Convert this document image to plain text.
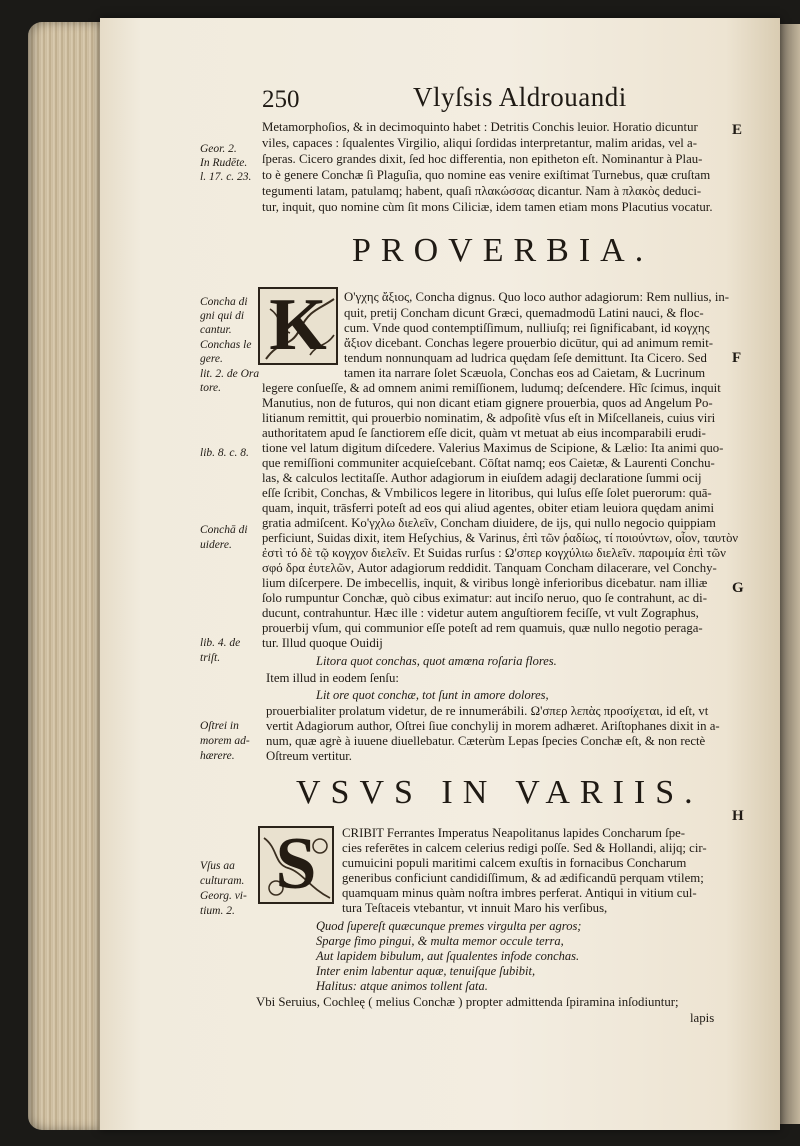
250	Vlyſsis Aldrouandi
E
F
G
H
Geor. 2.
In Rudēte.
l. 17. c. 23.
Concha di
gni qui di
cantur.
Conchas le
gere.
lit. 2. de Ora
tore.
lib. 8. c. 8.
Conchā di
uidere.
lib. 4. de
triſt.
Oſtrei in
morem ad-
hærere.
Vſus aa
culturam.
Georg. vi-
tium. 2.
Metamorphoſios, & in decimoquinto habet : Detritis Conchis leuior. Horatio dicuntur
viles, capaces : ſqualentes Virgilio, aliqui ſordidas interpretantur, malim aridas, vel a-
ſperas. Cicero grandes dixit, ſed hoc differentia, non epitheton eſt. Nominantur à Plau-
to è genere Conchæ ſi Plaguſia, quo nomine eas venire exiſtimat Turnebus, quæ cruſtam
tegumenti latam, patulamq; habent, quaſi πλακώσσας dicantur. Nam à πλακὸς deduci-
tur, inquit, quo nomine cùm ſit mons Ciliciæ, idem tamen etiam mons Placutius vocatur.
PROVERBIA.
K	Ο'γχης ἄξιος, Concha dignus. Quo loco author adagiorum: Rem nullius, in-
quit, pretij Concham dicunt Græci, quemadmodū Latini nauci, & floc-
cum. Vnde quod contemptiſſimum, nulliuſq; rei ſignificabant, id κογχης
ἄξιον dicebant. Conchas legere prouerbio dicūtur, qui ad animum remit-
tendum nonnunquam ad ludrica quędam ſeſe demittunt. Ita Cicero. Sed
tamen ita narrare ſolet Scæuola, Conchas eos ad Caietam, & Lucrinum
legere conſueſſe, & ad omnem animi remiſſionem, ludumq; deſcendere. Hîc ſcimus, inquit
Manutius, non de futuros, qui non dicant etiam gignere prouerbia, quos ad Angelum Po-
litianum remittit, qui prouerbio nominatim, & adpoſitè vſus eſt in Miſcellaneis, cuius viri
authoritatem apud ſe ſanctiorem eſſe dicit, quàm vt metuat ab eius incomparabili erudi-
tione vel latum digitum diſcedere. Valerius Maximus de Scipione, & Lælio: Ita animi quo-
que remiſſioni communiter acquieſcebant. Cōſtat namq; eos Caietæ, & Laurenti Conchu-
las, & calculos lectitaſſe. Author adagiorum in eiuſdem adagij declaratione ſummi ocij
eſſe ſcribit, Conchas, & Vmbilicos legere in litoribus, qui luſus eſſe ſolet puerorum: quā-
quam, inquit, trāsferri poteſt ad eos qui aliud agentes, obiter etiam leuiora quędam animi
gratia admiſcent. Κο'γχλω διελεῖν, Concham diuidere, de ijs, qui nullo negocio quippiam
perficiunt, Suidas dixit, item Heſychius, & Varinus, ἐπὶ τῶν ῥαδίως, τί ποιούντων, οἷον, ταυτὸν
ἐστὶ τό δὲ τῷ κογχον διελεῖν. Et Suidas rurſus : Ω'σπερ κογχύλιω διελεῖν. παροιμία ἐπὶ τῶν
σφό δρα ἐυτελῶν, Autor adagiorum reddidit. Tanquam Concham dilacerare, vel Conchy-
lium diſcerpere. De imbecellis, inquit, & viribus longè inferioribus dicebatur. nam illiæ
ſolo rumpuntur Conchæ, quò cibus eximatur: aut inciſo neruo, quo ſe contrahunt, ac di-
ducunt, contrahuntur. Hæc ille : videtur autem anguſtiorem feciſſe, vt vult Zographus,
prouerbij vſum, qui communior eſſe poteſt ad rem quamuis, quæ nullo negotio peraga-
tur. Illud quoque Ouidij
Litora quot conchas, quot amœna roſaria flores.
Item illud in eodem ſenſu:
Lit ore quot conchæ, tot ſunt in amore dolores,
prouerbialiter prolatum videtur, de re innumerábili. Ω'σπερ λεπὰς προσίχεται, id eſt, vt
vertit Adagiorum author, Oſtrei ſiue conchylij in morem adhæret. Ariſtophanes dixit in a-
num, quæ agrè à iuuene diuellebatur. Cæterùm Lepas ſpecies Conchæ eſt, & non rectè
Oſtreum vertitur.
VSVS IN VARIIS.
S	CRIBIT Ferrantes Imperatus Neapolitanus lapides Concharum ſpe-
cies referētes in calcem celerius redigi poſſe. Sed & Hollandi, alijq; cir-
cumuicini populi maritimi calcem exuſtis in fornacibus Concharum
generibus conficiunt candidiſſimum, & ad ædificandū perquam vtilem;
quamquam minus quàm noſtra imbres perferat. Antiqui in vitium cul-
tura Teſtaceis vtebantur, vt innuit Maro his verſibus,
Quod ſupereſt quæcunque premes virgulta per agros;
Sparge fimo pingui, & multa memor occule terra,
Aut lapidem bibulum, aut ſqualentes infode conchas.
Inter enim labentur aquæ, tenuiſque ſubibit,
Halitus: atque animos tollent ſata.
Vbi Seruius, Cochleę ( melius Conchæ ) propter admittenda ſpiramina inſodiuntur;
lapis
